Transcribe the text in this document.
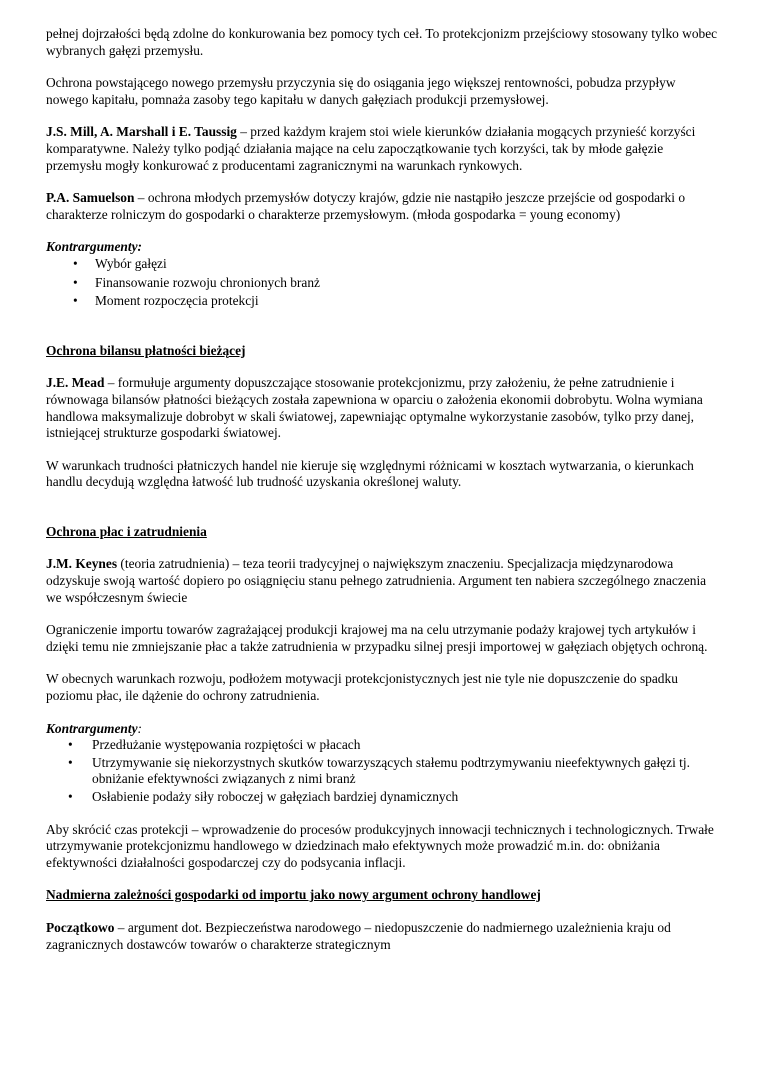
pełnej dojrzałości będą zdolne do konkurowania bez pomocy tych ceł. To protekcjonizm przejściowy stosowany tylko wobec wybranych gałęzi przemysłu.

Ochrona powstającego nowego przemysłu przyczynia się do osiągania jego większej rentowności, pobudza przypływ nowego kapitału, pomnaża zasoby tego kapitału w danych gałęziach produkcji przemysłowej.

J.S. Mill, A. Marshall i E. Taussig – przed każdym krajem stoi wiele kierunków działania mogących przynieść korzyści komparatywne. Należy tylko podjąć działania mające na celu zapoczątkowanie tych korzyści, tak by młode gałęzie przemysłu mogły konkurować z producentami zagranicznymi na warunkach rynkowych.

P.A. Samuelson – ochrona młodych przemysłów dotyczy krajów, gdzie nie nastąpiło jeszcze przejście od gospodarki o charakterze rolniczym do gospodarki o charakterze przemysłowym. (młoda gospodarka = young economy)

Kontrargumenty:

• Wybór gałęzi
• Finansowanie rozwoju chronionych branż
• Moment rozpoczęcia protekcji

Ochrona bilansu płatności bieżącej

J.E. Mead – formułuje argumenty dopuszczające stosowanie protekcjonizmu, przy założeniu, że pełne zatrudnienie i równowaga bilansów płatności bieżących została zapewniona w oparciu o założenia ekonomii dobrobytu. Wolna wymiana handlowa maksymalizuje dobrobyt w skali światowej, zapewniając optymalne wykorzystanie zasobów, tylko przy danej, istniejącej strukturze gospodarki światowej.

W warunkach trudności płatniczych handel nie kieruje się względnymi różnicami w kosztach wytwarzania, o kierunkach handlu decydują względna łatwość lub trudność uzyskania określonej waluty.

Ochrona płac i zatrudnienia

J.M. Keynes (teoria zatrudnienia) – teza teorii tradycyjnej o największym znaczeniu. Specjalizacja międzynarodowa odzyskuje swoją wartość dopiero po osiągnięciu stanu pełnego zatrudnienia. Argument ten nabiera szczególnego znaczenia we współczesnym świecie

Ograniczenie importu towarów zagrażającej produkcji krajowej ma na celu utrzymanie podaży krajowej tych artykułów i dzięki temu nie zmniejszanie płac a także zatrudnienia w przypadku silnej presji importowej w gałęziach objętych ochroną.

W obecnych warunkach rozwoju, podłożem motywacji protekcjonistycznych jest nie tyle nie dopuszczenie do spadku poziomu płac, ile dążenie do ochrony zatrudnienia.

Kontrargumenty:

• Przedłużanie występowania rozpiętości w płacach
• Utrzymywanie się niekorzystnych skutków towarzyszących stałemu podtrzymywaniu nieefektywnych gałęzi tj. obniżanie efektywności związanych z nimi branż
• Osłabienie podaży siły roboczej w gałęziach bardziej dynamicznych

Aby skrócić czas protekcji – wprowadzenie do procesów produkcyjnych innowacji technicznych i technologicznych. Trwałe utrzymywanie protekcjonizmu handlowego w dziedzinach mało efektywnych może prowadzić m.in. do: obniżania efektywności działalności gospodarczej czy do podsycania inflacji.

Nadmierna zależności gospodarki od importu jako nowy argument ochrony handlowej

Początkowo – argument dot. Bezpieczeństwa narodowego – niedopuszczenie do nadmiernego uzależnienia kraju od zagranicznych dostawców towarów o charakterze strategicznym
